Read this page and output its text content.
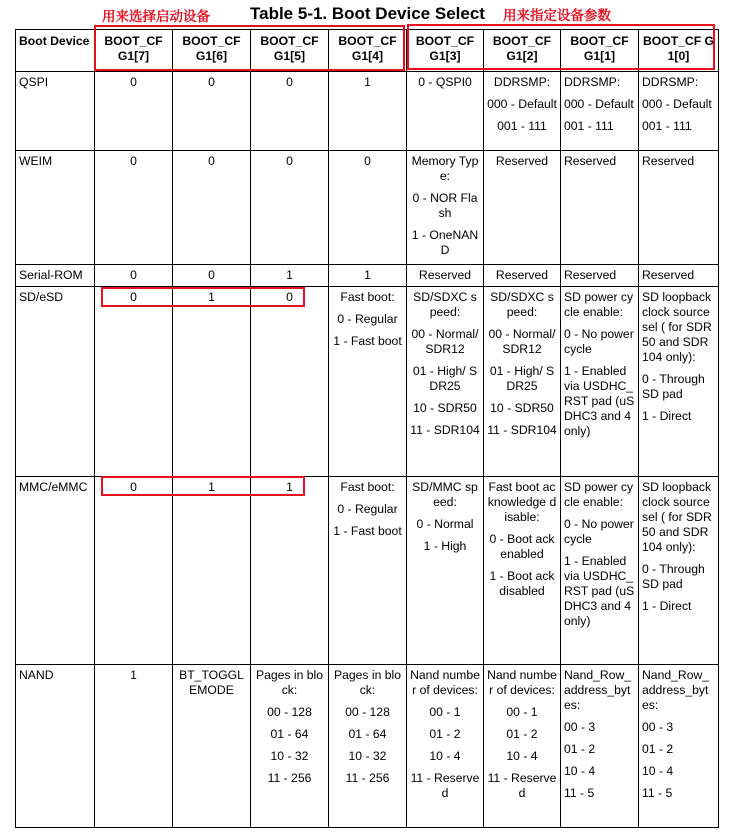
用来选择启动设备 Table 5-1. Boot Device Select 用来指定设备参数
Boot Device	BOOT_CF G1[7]	BOOT_CF G1[6]	BOOT_CF G1[5]	BOOT_CF G1[4]	BOOT_CF G1[3]	BOOT_CF G1[2]	BOOT_CF G1[1]	BOOT_CF G1[0]
QSPI	0	0	0	1	0 - QSPI0	DDRSMP:
000 - Default
001 - 111	DDRSMP:
000 - Default
001 - 111	DDRSMP:
000 - Default
001 - 111

WEIM	0	0	0	0	Memory Type:
0 - NOR Flash
1 - OneNAND	Reserved	Reserved	Reserved

Serial-ROM	0	0	1	1	Reserved	Reserved	Reserved	Reserved

SD/eSD	0	1	0	Fast boot:
0 - Regular
1 - Fast boot	SD/SDXC speed:
00 - Normal/ SDR12
01 - High/ SDR25
10 - SDR50
11 - SDR104	SD/SDXC speed:
00 - Normal/ SDR12
01 - High/ SDR25
10 - SDR50
11 - SDR104	SD power cycle enable:
0 - No power cycle
1 - Enabled via USDHC_RST pad (uSDHC3 and 4 only)	SD loopback clock source sel ( for SDR50 and SDR104 only):
0 - Through SD pad
1 - Direct

MMC/eMMC	0	1	1	Fast boot:
0 - Regular
1 - Fast boot	SD/MMC speed:
0 - Normal
1 - High	Fast boot acknowledge disable:
0 - Boot ack enabled
1 - Boot ack disabled	SD power cycle enable:
0 - No power cycle
1 - Enabled via USDHC_RST pad (uSDHC3 and 4 only)	SD loopback clock source sel ( for SDR50 and SDR104 only):
0 - Through SD pad
1 - Direct

NAND	1	BT_TOGGLEMODE	Pages in block:
00 - 128
01 - 64
10 - 32
11 - 256	Pages in block:
00 - 128
01 - 64
10 - 32
11 - 256	Nand number of devices:
00 - 1
01 - 2
10 - 4
11 - Reserved	Nand number of devices:
00 - 1
01 - 2
10 - 4
11 - Reserved	Nand_Row_address_bytes:
00 - 3
01 - 2
10 - 4
11 - 5	Nand_Row_address_bytes:
00 - 3
01 - 2
10 - 4
11 - 5
